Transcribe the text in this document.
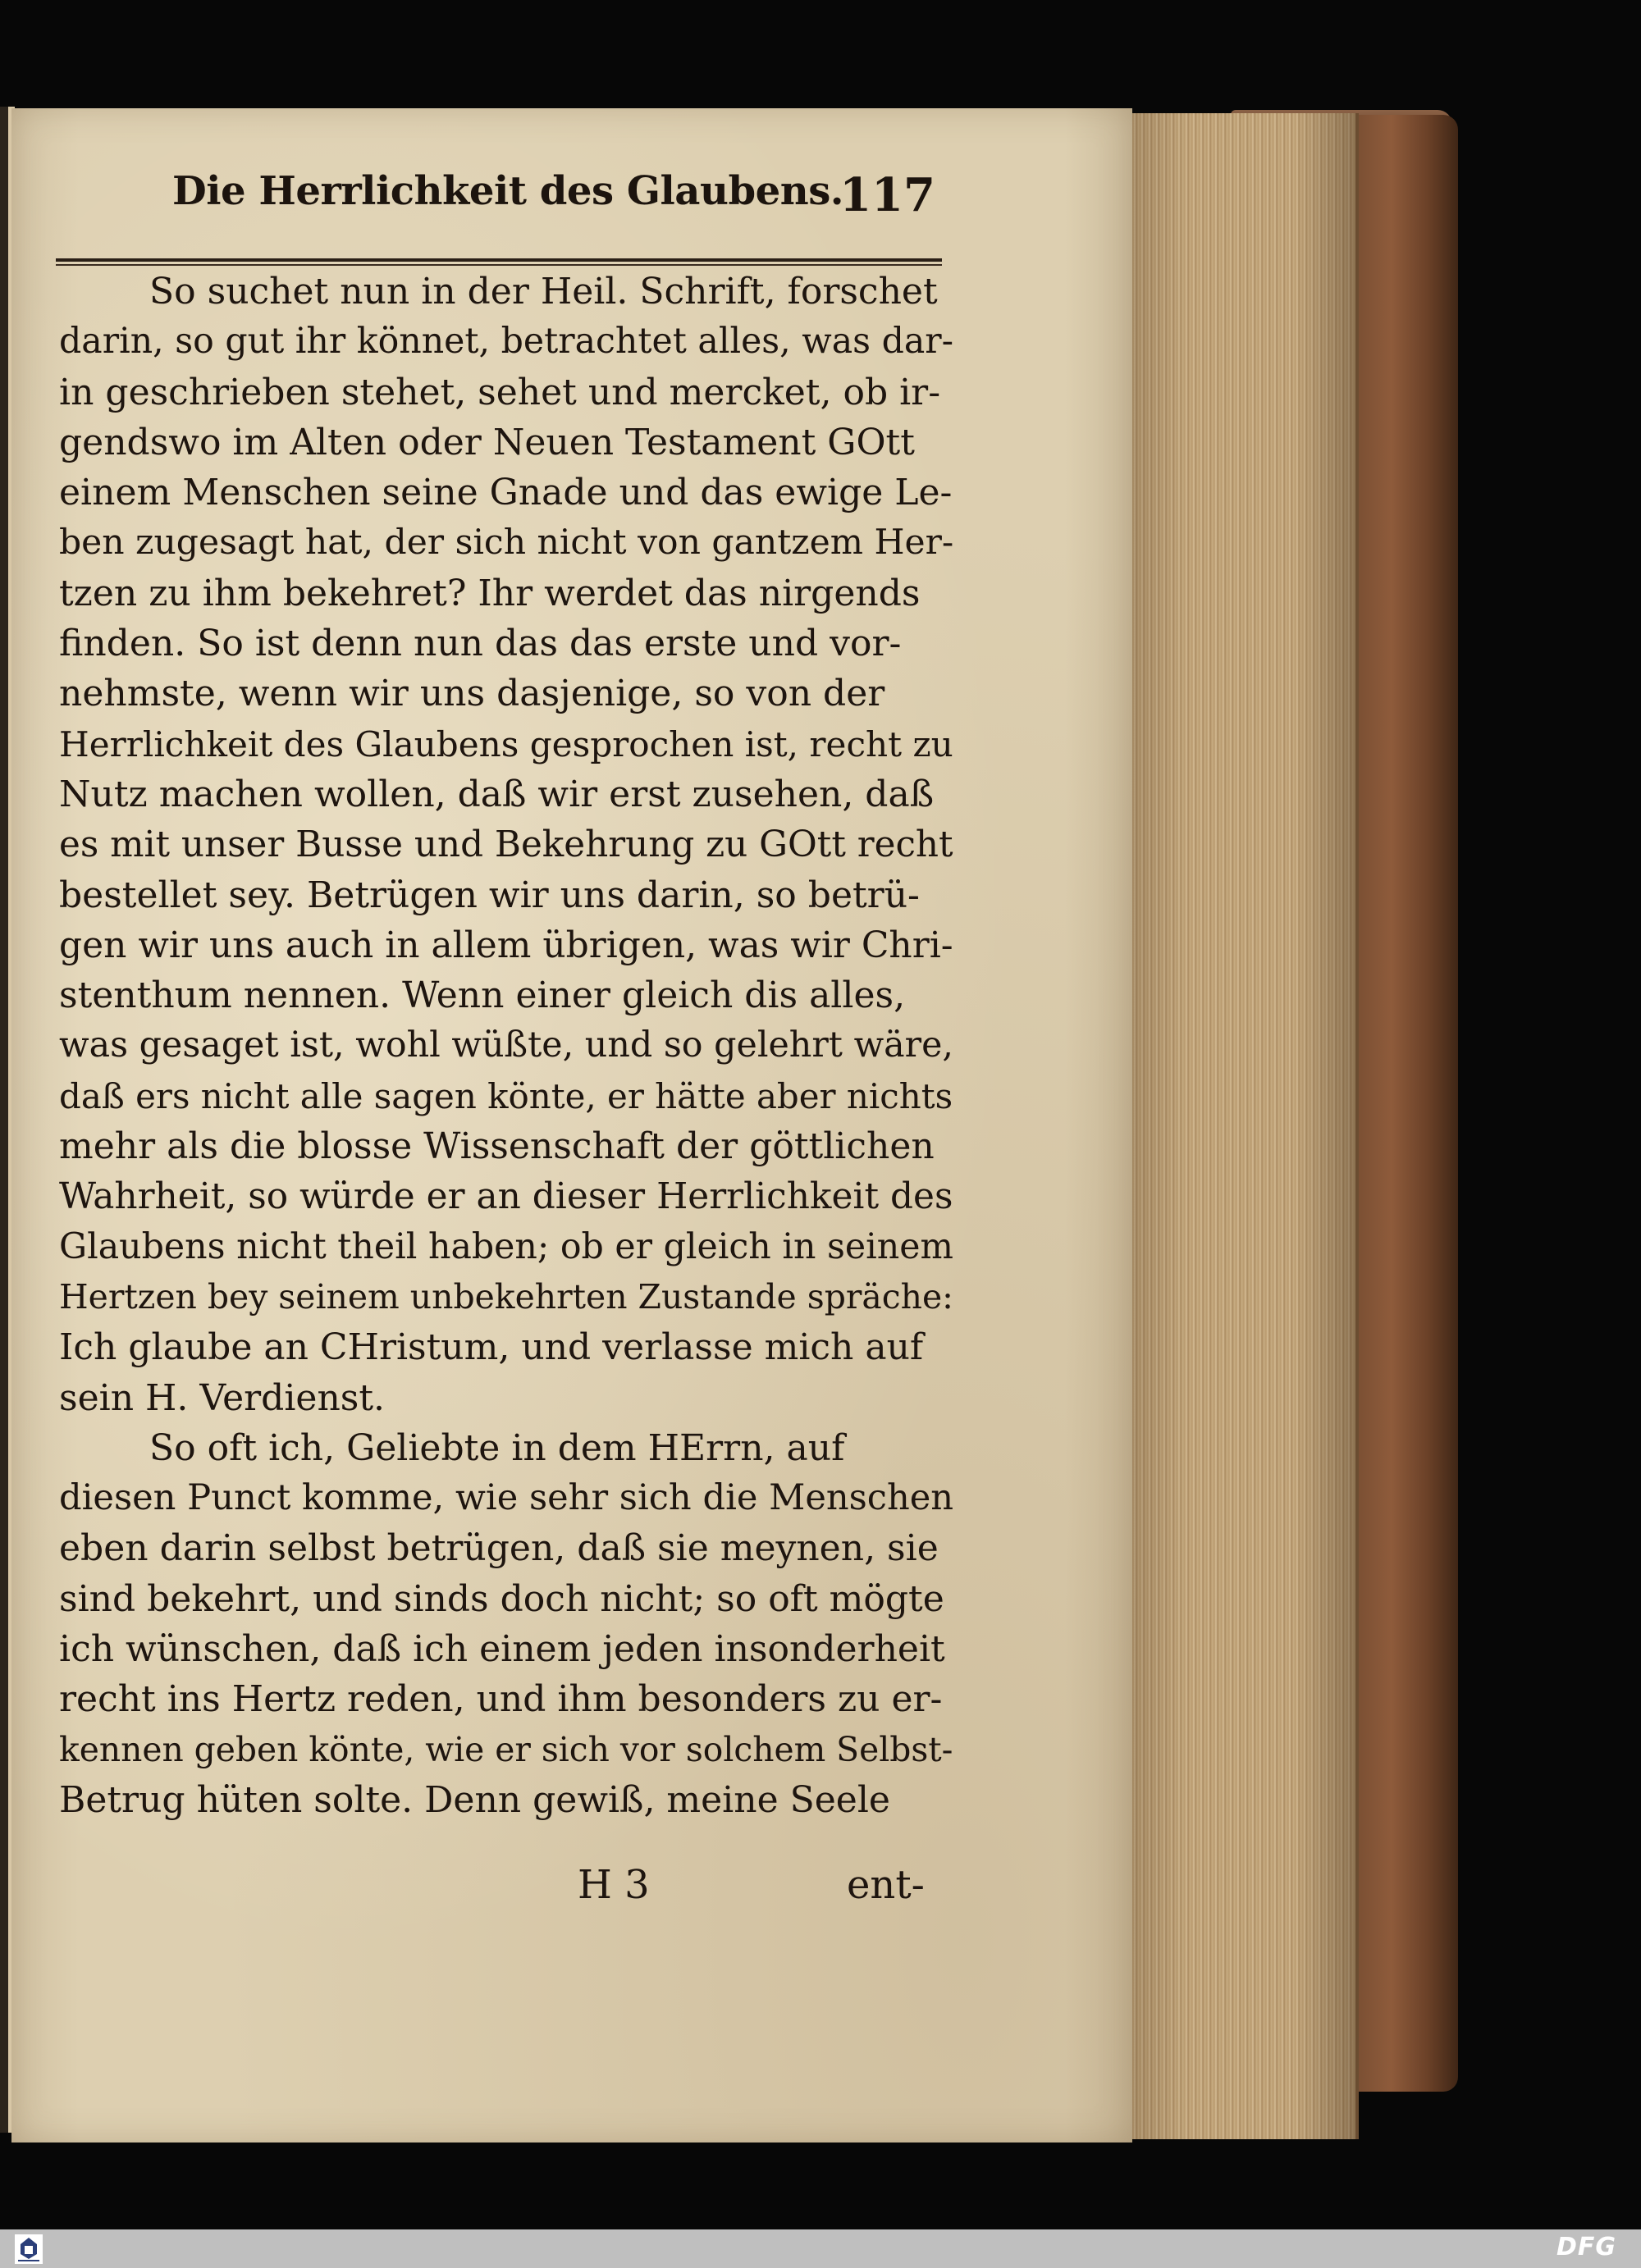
Die Herrlichkeit des Glaubens.
117
So suchet nun in der Heil. Schrift, forschet
darin, so gut ihr könnet, betrachtet alles, was dar-
in geschrieben stehet, sehet und mercket, ob ir-
gendswo im Alten oder Neuen Testament GOtt
einem Menschen seine Gnade und das ewige Le-
ben zugesagt hat, der sich nicht von gantzem Her-
tzen zu ihm bekehret? Ihr werdet das nirgends
finden. So ist denn nun das das erste und vor-
nehmste, wenn wir uns dasjenige, so von der
Herrlichkeit des Glaubens gesprochen ist, recht zu
Nutz machen wollen, daß wir erst zusehen, daß
es mit unser Busse und Bekehrung zu GOtt recht
bestellet sey. Betrügen wir uns darin, so betrü-
gen wir uns auch in allem übrigen, was wir Chri-
stenthum nennen. Wenn einer gleich dis alles,
was gesaget ist, wohl wüßte, und so gelehrt wäre,
daß ers nicht alle sagen könte, er hätte aber nichts
mehr als die blosse Wissenschaft der göttlichen
Wahrheit, so würde er an dieser Herrlichkeit des
Glaubens nicht theil haben; ob er gleich in seinem
Hertzen bey seinem unbekehrten Zustande spräche:
Ich glaube an CHristum, und verlasse mich auf
sein H. Verdienst.
So oft ich, Geliebte in dem HErrn, auf
diesen Punct komme, wie sehr sich die Menschen
eben darin selbst betrügen, daß sie meynen, sie
sind bekehrt, und sinds doch nicht; so oft mögte
ich wünschen, daß ich einem jeden insonderheit
recht ins Hertz reden, und ihm besonders zu er-
kennen geben könte, wie er sich vor solchem Selbst-
Betrug hüten solte. Denn gewiß, meine Seele
H 3	ent-
DFG
